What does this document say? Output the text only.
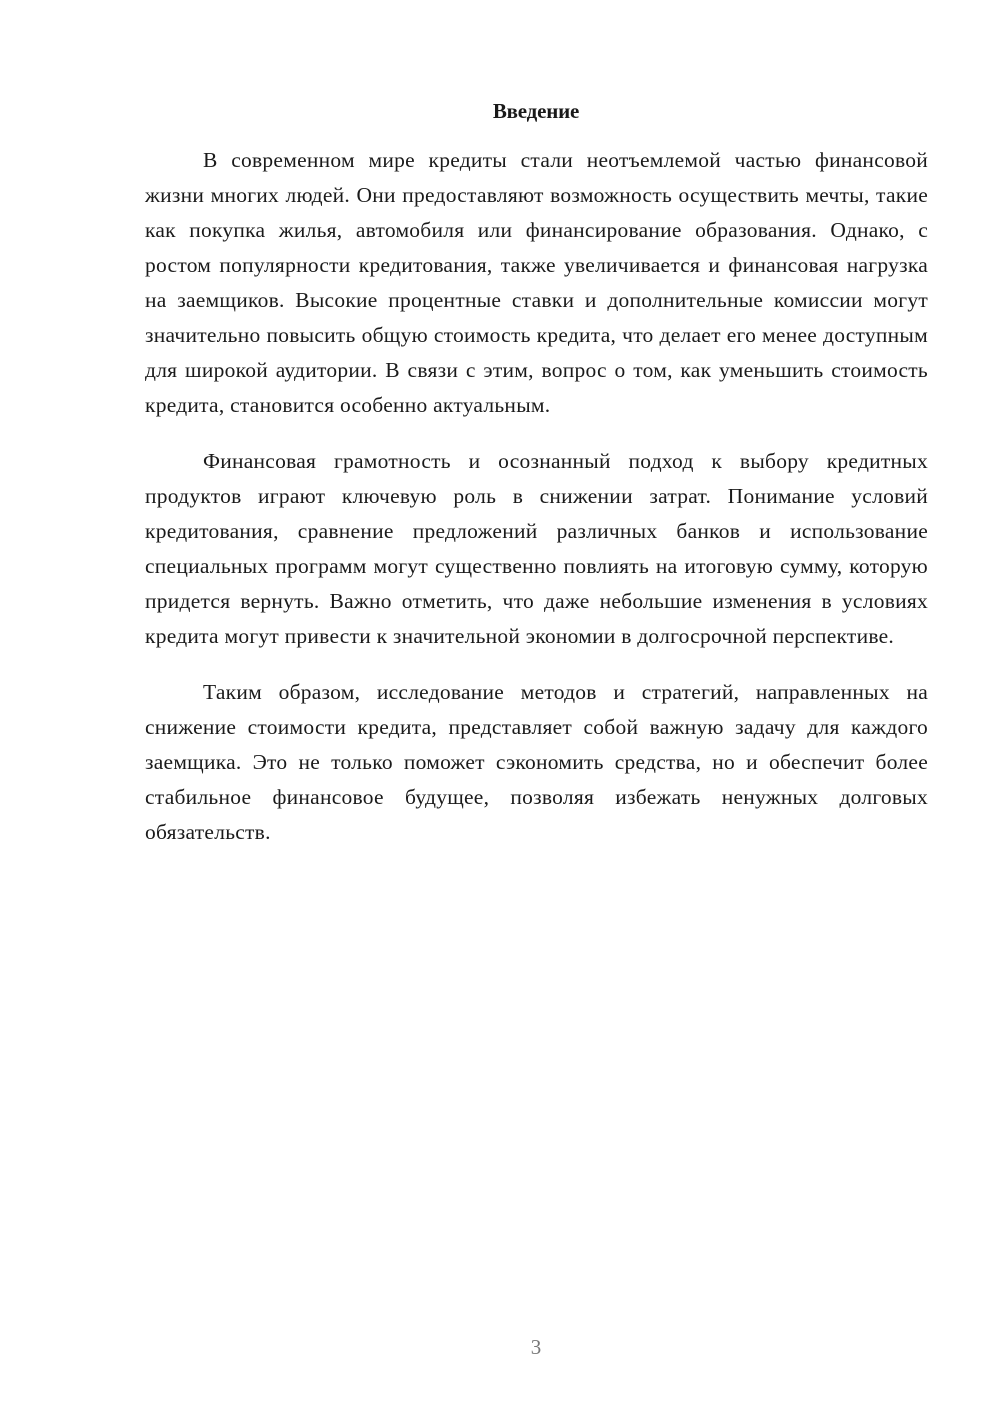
Введение

В современном мире кредиты стали неотъемлемой частью финансовой жизни многих людей. Они предоставляют возможность осуществить мечты, такие как покупка жилья, автомобиля или финансирование образования. Однако, с ростом популярности кредитования, также увеличивается и финансовая нагрузка на заемщиков. Высокие процентные ставки и дополнительные комиссии могут значительно повысить общую стоимость кредита, что делает его менее доступным для широкой аудитории. В связи с этим, вопрос о том, как уменьшить стоимость кредита, становится особенно актуальным.

Финансовая грамотность и осознанный подход к выбору кредитных продуктов играют ключевую роль в снижении затрат. Понимание условий кредитования, сравнение предложений различных банков и использование специальных программ могут существенно повлиять на итоговую сумму, которую придется вернуть. Важно отметить, что даже небольшие изменения в условиях кредита могут привести к значительной экономии в долгосрочной перспективе.

Таким образом, исследование методов и стратегий, направленных на снижение стоимости кредита, представляет собой важную задачу для каждого заемщика. Это не только поможет сэкономить средства, но и обеспечит более стабильное финансовое будущее, позволяя избежать ненужных долговых обязательств.

3
